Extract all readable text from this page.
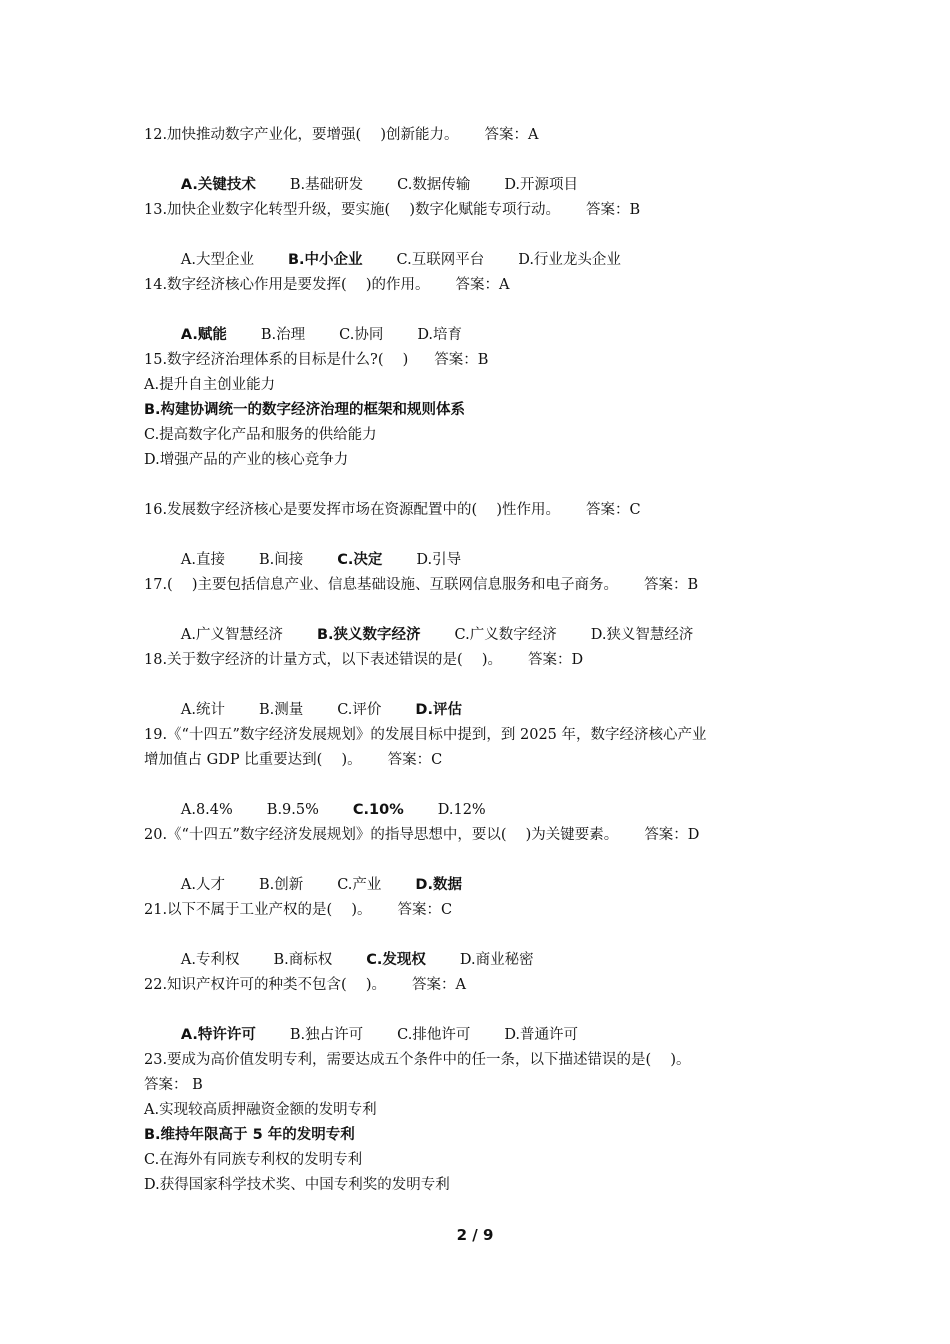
12.加快推动数字产业化，要增强(　 )创新能力。 答案：A

A.关键技术 B.基础研发 C.数据传输 D.开源项目

13.加快企业数字化转型升级，要实施(　 )数字化赋能专项行动。 答案：B

A.大型企业 B.中小企业 C.互联网平台 D.行业龙头企业

14.数字经济核心作用是要发挥(　 )的作用。 答案：A

A.赋能 B.治理 C.协同 D.培育

15.数字经济治理体系的目标是什么?(　 ) 答案：B
A.提升自主创业能力
B.构建协调统一的数字经济治理的框架和规则体系
C.提高数字化产品和服务的供给能力
D.增强产品的产业的核心竞争力
16.发展数字经济核心是要发挥市场在资源配置中的(　 )性作用。 答案：C

A.直接 B.间接 C.决定 D.引导

17.(　 )主要包括信息产业、信息基础设施、互联网信息服务和电子商务。 答案：B

A.广义智慧经济 B.狭义数字经济 C.广义数字经济 D.狭义智慧经济

18.关于数字经济的计量方式，以下表述错误的是(　 )。 答案：D

A.统计 B.测量 C.评价 D.评估

19.《“十四五”数字经济发展规划》的发展目标中提到，到 2025 年，数字经济核心产业
增加值占 GDP 比重要达到(　 )。 答案：C

A.8.4% B.9.5% C.10% D.12%

20.《“十四五”数字经济发展规划》的指导思想中，要以(　 )为关键要素。 答案：D

A.人才 B.创新 C.产业 D.数据

21.以下不属于工业产权的是(　 )。 答案：C

A.专利权 B.商标权 C.发现权 D.商业秘密

22.知识产权许可的种类不包含(　 )。 答案：A

A.特许许可 B.独占许可 C.排他许可 D.普通许可

23.要成为高价值发明专利，需要达成五个条件中的任一条，以下描述错误的是(　 )。
答案： B
A.实现较高质押融资金额的发明专利
B.维持年限高于 5 年的发明专利
C.在海外有同族专利权的发明专利
D.获得国家科学技术奖、中国专利奖的发明专利
2 / 9
